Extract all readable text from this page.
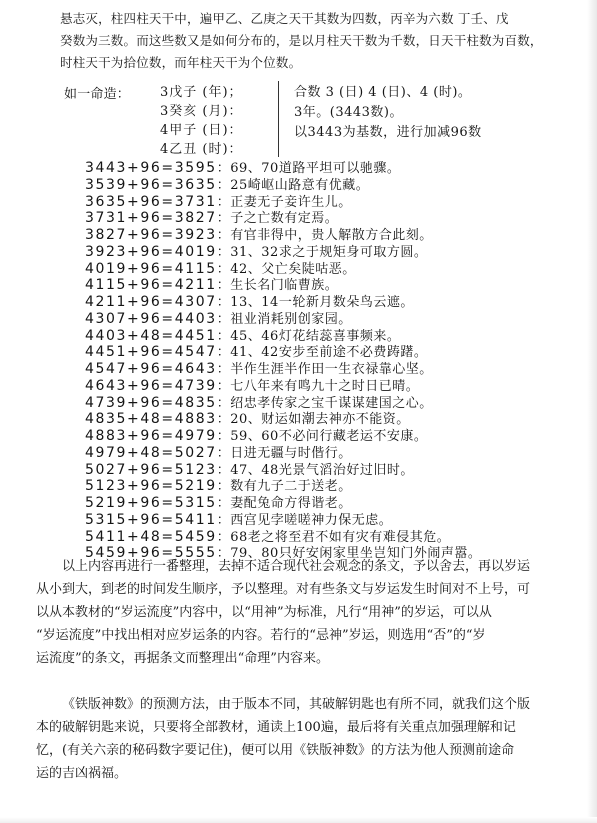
悬志灭，柱四柱天干中，遍甲乙、乙庚之天干其数为四数，丙辛为六数 丁壬、戊
癸数为三数。而这些数又是如何分布的，是以月柱天干数为千数，日天干柱数为百数，
时柱天干为拾位数，而年柱天干为个位数。
如一命造： 3戊子 (年)；
3癸亥 (月)：
4甲子 (日)：
4乙丑 (时)：
合数 3 (日) 4 (日)、4 (时)。
3年。(3443数)。
以3443为基数，进行加减96数
3443+96=3595：69、70道路平坦可以驰骤。
3539+96=3635：25崎岖山路意有优藏。
3635+96=3731：正妻无子妾许生儿。
3731+96=3827：子之亡数有定焉。
3827+96=3923：有官非得中，贵人解散方合此刻。
3923+96=4019：31、32求之于规矩身可取方圆。
4019+96=4115：42、父亡矣陡咕恶。
4115+96=4211：生长名门临曹族。
4211+96=4307：13、14一轮新月数朵鸟云遮。
4307+96=4403：祖业消耗别创家园。
4403+48=4451：45、46灯花结蕊喜事频来。
4451+96=4547：41、42安步至前途不必费踌躇。
4547+96=4643：半作生涯半作田一生衣禄靠心坚。
4643+96=4739：七八年来有鸣九十之时日已晴。
4739+96=4835：绍忠孝传家之宝千谋谋建国之心。
4835+48=4883：20、财运如潮去神亦不能资。
4883+96=4979：59、60不必问行藏老运不安康。
4979+48=5027：日进无疆与时偕行。
5027+96=5123：47、48光景气滔治好过旧时。
5123+96=5219：数有九子二于送老。
5219+96=5315：妻配兔命方得谐老。
5315+96=5411：西宫见孛嗟嗟神力保无虑。
5411+48=5459：68老之将至君不如有灾有难侵其危。
5459+96=5555：79、80只好安闲家里坐岂知门外闹声嚣。
以上内容再进行一番整理，去掉不适合现代社会观念的条文，予以舍去，再以岁运
从小到大，到老的时间发生顺序，予以整理。对有些条文与岁运发生时间对不上号，可
以从本教材的“岁运流度”内容中，以“用神”为标准，凡行“用神”的岁运，可以从
“岁运流度”中找出相对应岁运条的内容。若行的“忌神”岁运，则选用“否”的“岁
运流度”的条文，再据条文而整理出“命理”内容来。
《铁版神数》的预测方法，由于版本不同，其破解钥匙也有所不同，就我们这个版
本的破解钥匙来说，只要将全部教材，通读上100遍，最后将有关重点加强理解和记
忆，(有关六亲的秘码数字要记住)，便可以用《铁版神数》的方法为他人预测前途命
运的吉凶祸福。
